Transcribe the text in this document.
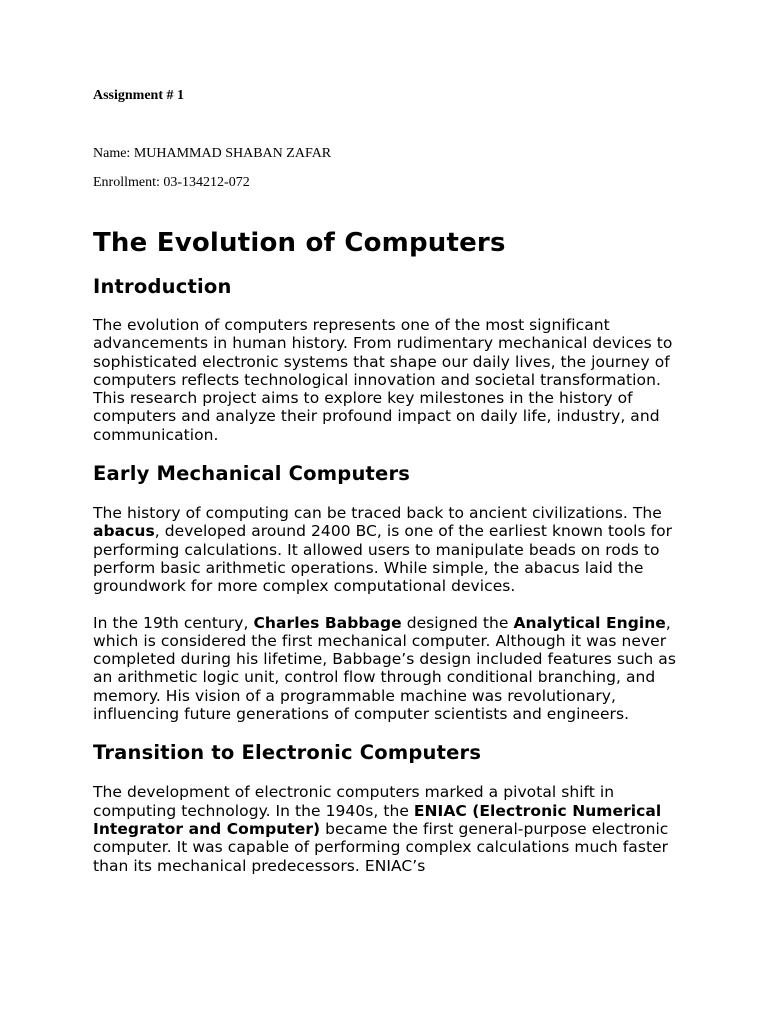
Assignment # 1

Name: MUHAMMAD SHABAN ZAFAR

Enrollment: 03-134212-072

The Evolution of Computers
Introduction

The evolution of computers represents one of the most significant advancements in human history. From rudimentary mechanical devices to sophisticated electronic systems that shape our daily lives, the journey of computers reflects technological innovation and societal transformation. This research project aims to explore key milestones in the history of computers and analyze their profound impact on daily life, industry, and communication.

Early Mechanical Computers

The history of computing can be traced back to ancient civilizations. The abacus, developed around 2400 BC, is one of the earliest known tools for performing calculations. It allowed users to manipulate beads on rods to perform basic arithmetic operations. While simple, the abacus laid the groundwork for more complex computational devices.

In the 19th century, Charles Babbage designed the Analytical Engine, which is considered the first mechanical computer. Although it was never completed during his lifetime, Babbage’s design included features such as an arithmetic logic unit, control flow through conditional branching, and memory. His vision of a programmable machine was revolutionary, influencing future generations of computer scientists and engineers.

Transition to Electronic Computers

The development of electronic computers marked a pivotal shift in computing technology. In the 1940s, the ENIAC (Electronic Numerical Integrator and Computer) became the first general-purpose electronic computer. It was capable of performing complex calculations much faster than its mechanical predecessors. ENIAC’s
